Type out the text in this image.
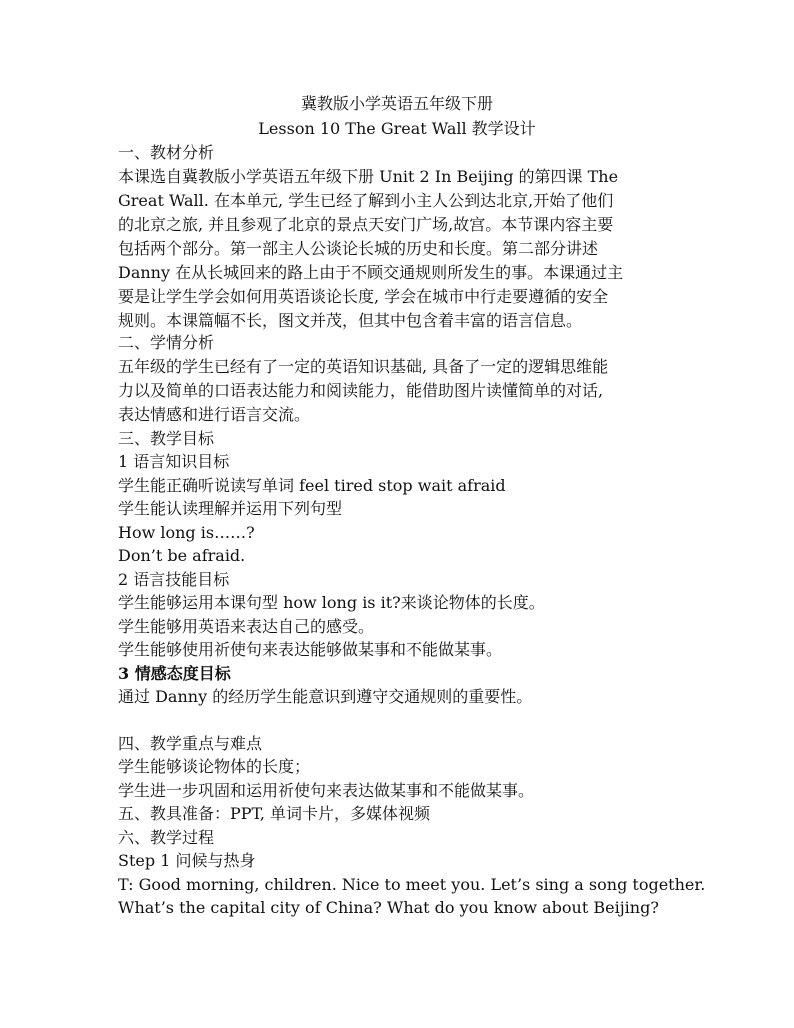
冀教版小学英语五年级下册
Lesson 10 The Great Wall 教学设计
一、教材分析
本课选自冀教版小学英语五年级下册 Unit 2 In Beijing 的第四课 The
Great Wall. 在本单元, 学生已经了解到小主人公到达北京,开始了他们
的北京之旅, 并且参观了北京的景点天安门广场,故宫。本节课内容主要
包括两个部分。第一部主人公谈论长城的历史和长度。第二部分讲述
Danny 在从长城回来的路上由于不顾交通规则所发生的事。本课通过主
要是让学生学会如何用英语谈论长度, 学会在城市中行走要遵循的安全
规则。本课篇幅不长，图文并茂，但其中包含着丰富的语言信息。
二、学情分析
五年级的学生已经有了一定的英语知识基础, 具备了一定的逻辑思维能
力以及简单的口语表达能力和阅读能力，能借助图片读懂简单的对话,
表达情感和进行语言交流。
三、教学目标
1 语言知识目标
学生能正确听说读写单词 feel tired stop wait afraid
学生能认读理解并运用下列句型
How long is……?
Don’t be afraid.
2 语言技能目标
学生能够运用本课句型 how long is it?来谈论物体的长度。
学生能够用英语来表达自己的感受。
学生能够使用祈使句来表达能够做某事和不能做某事。
3 情感态度目标
通过 Danny 的经历学生能意识到遵守交通规则的重要性。
四、教学重点与难点
学生能够谈论物体的长度；
学生进一步巩固和运用祈使句来表达做某事和不能做某事。
五、教具准备：PPT, 单词卡片，多媒体视频
六、教学过程
Step 1 问候与热身
T: Good morning, children. Nice to meet you. Let’s sing a song together.
What’s the capital city of China? What do you know about Beijing?
